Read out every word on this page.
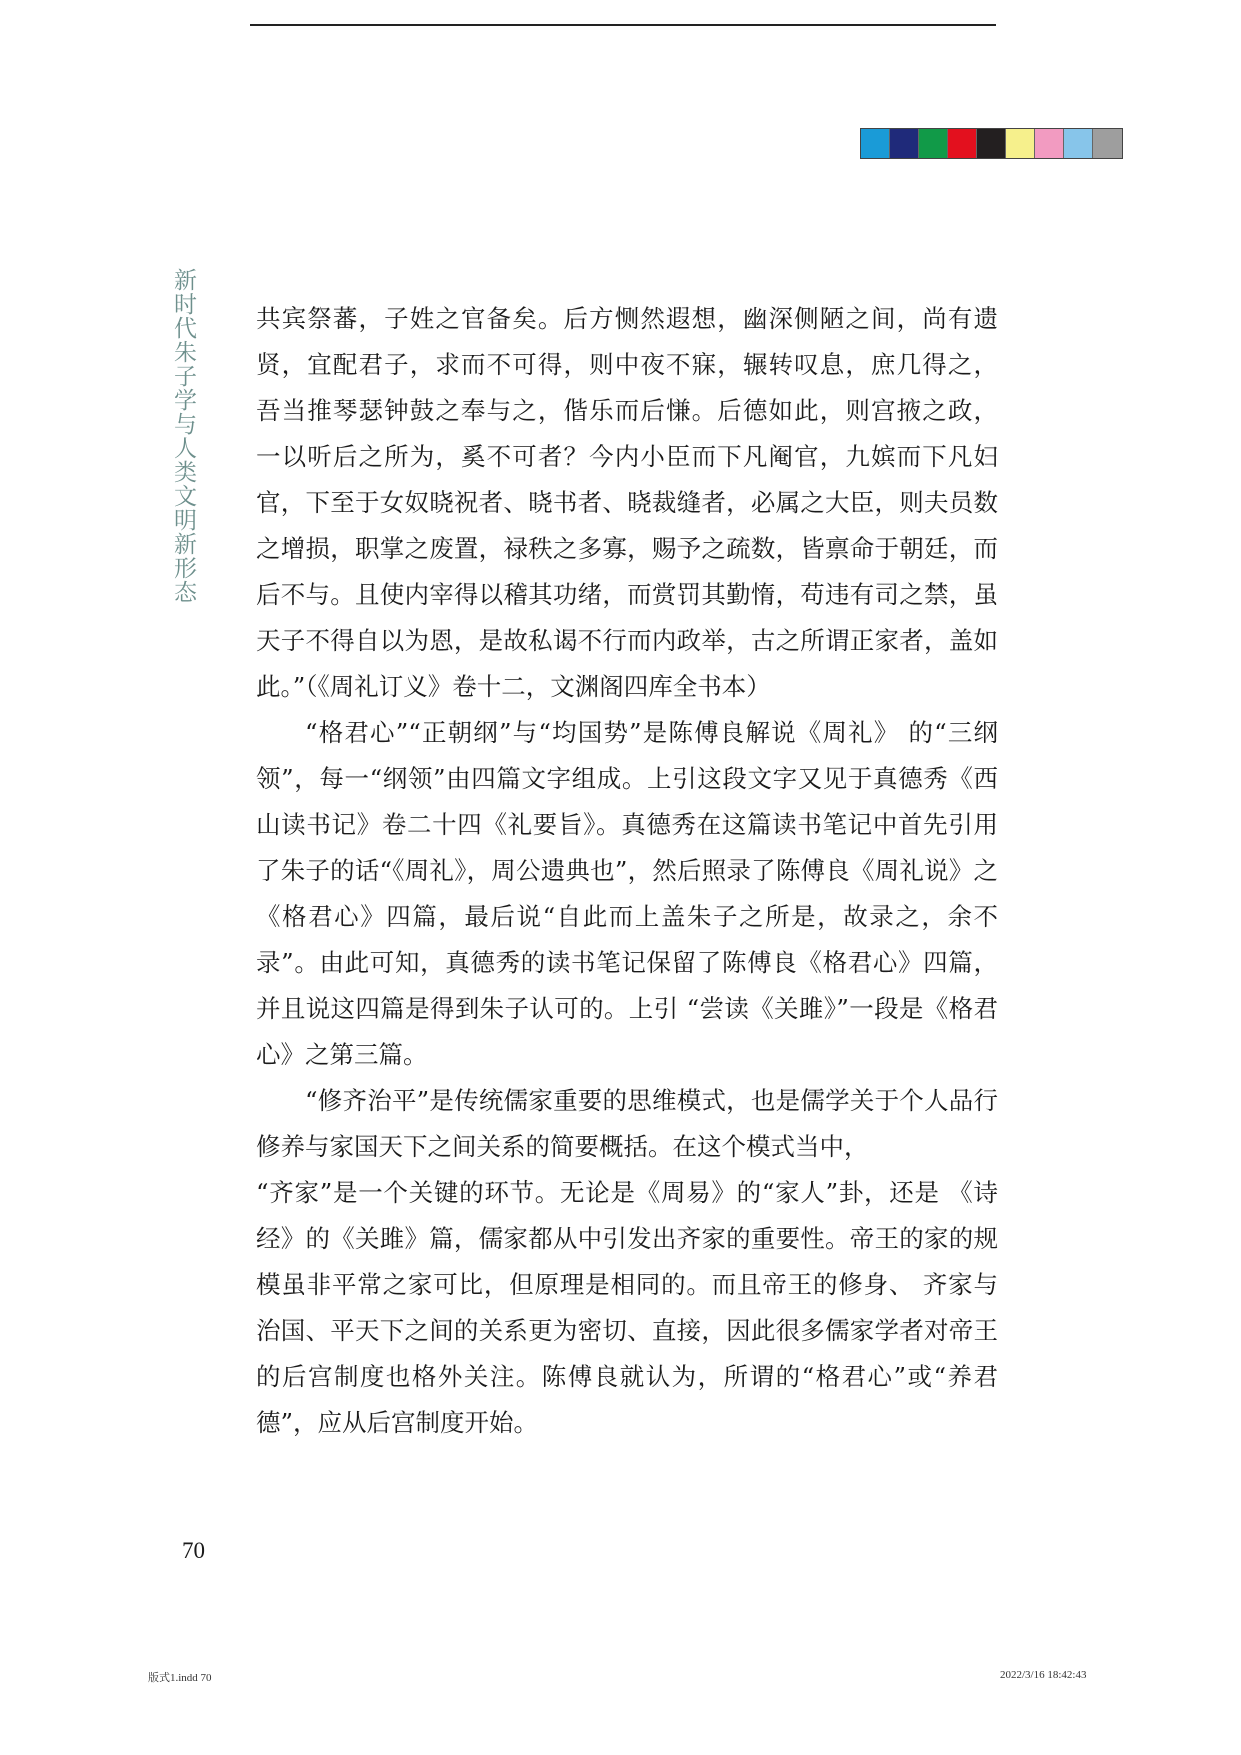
新时代朱子学与人类文明新形态 共宾祭蕃，子姓之官备矣。后方恻然遐想，幽深侧陋之间，尚有遗贤，宜配君子，求而不可得，则中夜不寐，辗转叹息，庶几得之， 吾当推琴瑟钟鼓之奉与之，偕乐而后慊。后德如此，则宫掖之政， 一以听后之所为，奚不可者？今内小臣而下凡阉官，九嫔而下凡妇官，下至于女奴晓祝者、晓书者、晓裁缝者，必属之大臣，则夫员数之增损，职掌之废置，禄秩之多寡，赐予之疏数，皆禀命于朝廷，而后不与。且使内宰得以稽其功绪，而赏罚其勤惰，苟违有司之禁，虽天子不得自以为恩，是故私谒不行而内政举，古之所谓正家者，盖如此。”（《周礼订义》卷十二，文渊阁四库全书本）

“格君心”“正朝纲”与“均国势”是陈傅良解说《周礼》 的“三纲领”，每一“纲领”由四篇文字组成。上引这段文字又见于真德秀《西山读书记》卷二十四《礼要旨》。真德秀在这篇读书笔记中首先引用了朱子的话“《周礼》，周公遗典也”，然后照录了陈傅良《周礼说》之《格君心》四篇，最后说“自此而上盖朱子之所是，故录之，余不录”。由此可知，真德秀的读书笔记保留了陈傅良《格君心》四篇，并且说这四篇是得到朱子认可的。上引 “尝读《关雎》”一段是《格君心》之第三篇。

“修齐治平”是传统儒家重要的思维模式，也是儒学关于个人品行修养与家国天下之间关系的简要概括。在这个模式当中，

“齐家”是一个关键的环节。无论是《周易》的“家人”卦，还是 《诗经》的《关雎》篇，儒家都从中引发出齐家的重要性。帝王的家的规模虽非平常之家可比，但原理是相同的。而且帝王的修身、 齐家与治国、平天下之间的关系更为密切、直接，因此很多儒家学者对帝王的后宫制度也格外关注。陈傅良就认为，所谓的“格君心”或“养君德”，应从后宫制度开始。

70
版式1.indd 70	2022/3/16 18:42:43
